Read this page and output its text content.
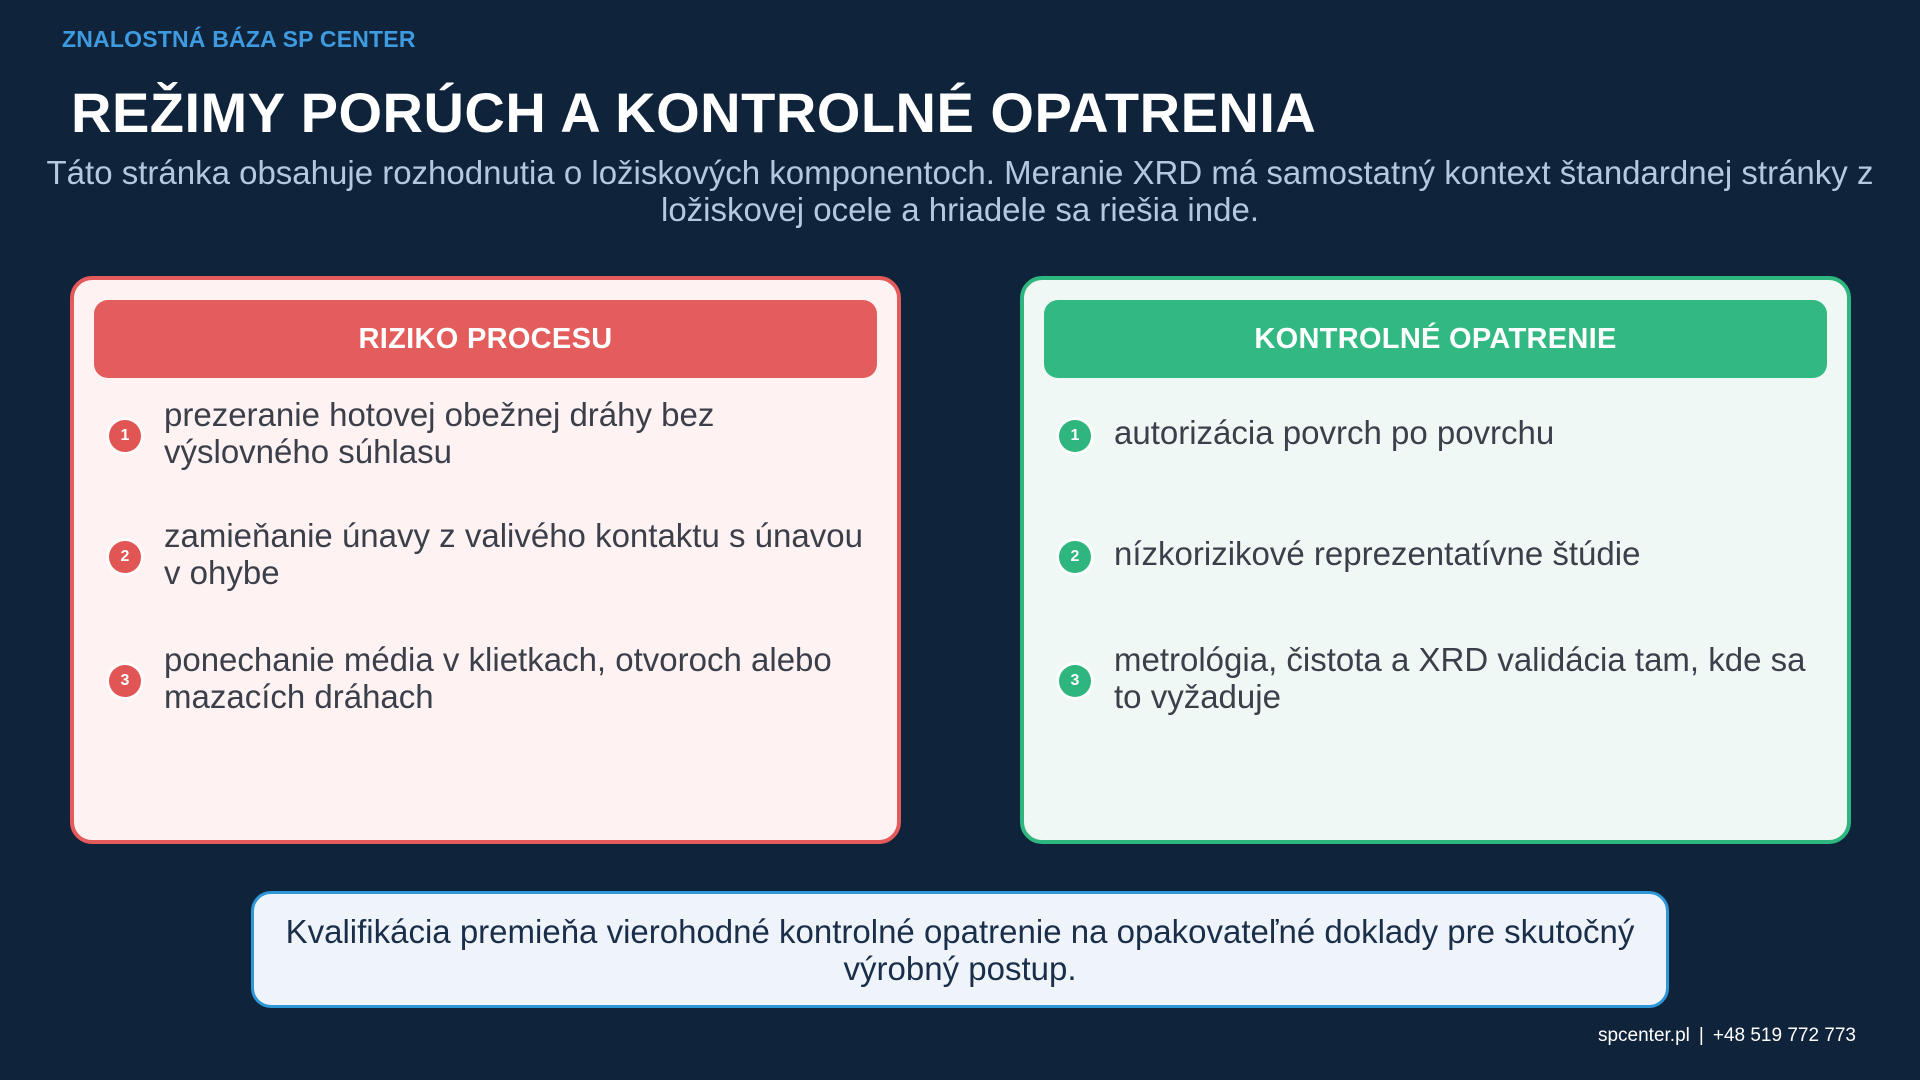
ZNALOSTNÁ BÁZA SP CENTER
REŽIMY PORÚCH A KONTROLNÉ OPATRENIA
Táto stránka obsahuje rozhodnutia o ložiskových komponentoch. Meranie XRD má samostatný kontext štandardnej stránky z ložiskovej ocele a hriadele sa riešia inde.
RIZIKO PROCESU
1
prezeranie hotovej obežnej dráhy bez výslovného súhlasu
2
zamieňanie únavy z valivého kontaktu s únavou v ohybe
3
ponechanie média v klietkach, otvoroch alebo mazacích dráhach
KONTROLNÉ OPATRENIE
1	autorizácia povrch po povrchu
2	nízkorizikové reprezentatívne štúdie
3
metrológia, čistota a XRD validácia tam, kde sa to vyžaduje
Kvalifikácia premieňa vierohodné kontrolné opatrenie na opakovateľné doklady pre skutočný výrobný postup.
spcenter.pl | +48 519 772 773
